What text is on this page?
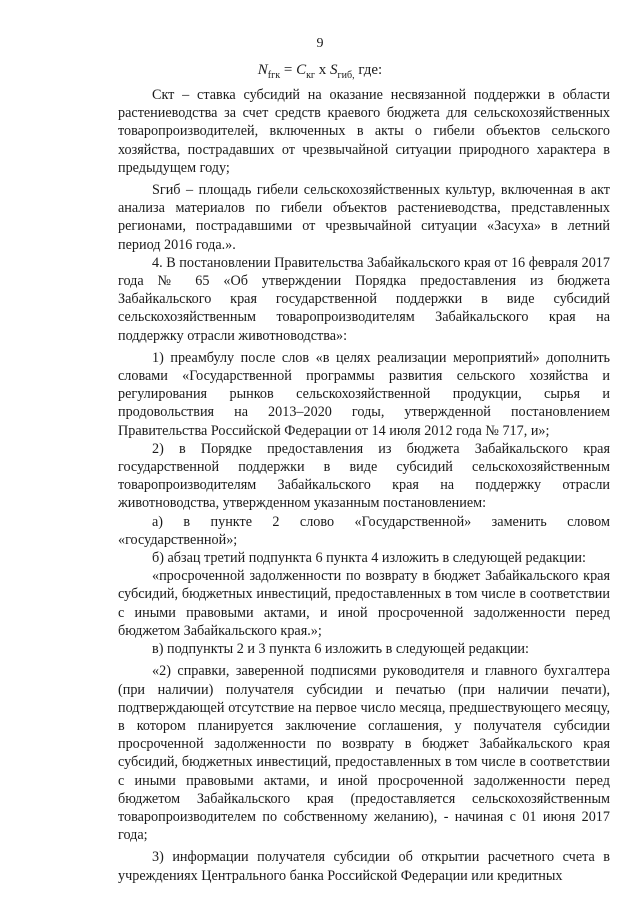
9
$N_{fгк} = C_{кг}$ x $S_{гиб,}$ где:

Скт – ставка субсидий на оказание несвязанной поддержки в области растениеводства за счет средств краевого бюджета для сельскохозяйственных товаропроизводителей, включенных в акты о гибели объектов сельского хозяйства, пострадавших от чрезвычайной ситуации природного характера в предыдущем году;

Sгиб – площадь гибели сельскохозяйственных культур, включенная в акт анализа материалов по гибели объектов растениеводства, представленных регионами, пострадавшими от чрезвычайной ситуации «Засуха» в летний период 2016 года.».

4. В постановлении Правительства Забайкальского края от 16 февраля 2017 года № 65 «Об утверждении Порядка предоставления из бюджета Забайкальского края государственной поддержки в виде субсидий сельскохозяйственным товаропроизводителям Забайкальского края на поддержку отрасли животноводства»:

1) преамбулу после слов «в целях реализации мероприятий» дополнить словами «Государственной программы развития сельского хозяйства и регулирования рынков сельскохозяйственной продукции, сырья и продовольствия на 2013–2020 годы, утвержденной постановлением Правительства Российской Федерации от 14 июля 2012 года № 717, и»;

2) в Порядке предоставления из бюджета Забайкальского края государственной поддержки в виде субсидий сельскохозяйственным товаропроизводителям Забайкальского края на поддержку отрасли животноводства, утвержденном указанным постановлением:

а) в пункте 2 слово «Государственной» заменить словом «государственной»;

б) абзац третий подпункта 6 пункта 4 изложить в следующей редакции:

«просроченной задолженности по возврату в бюджет Забайкальского края субсидий, бюджетных инвестиций, предоставленных в том числе в соответствии с иными правовыми актами, и иной просроченной задолженности перед бюджетом Забайкальского края.»;

в) подпункты 2 и 3 пункта 6 изложить в следующей редакции:

«2) справки, заверенной подписями руководителя и главного бухгалтера (при наличии) получателя субсидии и печатью (при наличии печати), подтверждающей отсутствие на первое число месяца, предшествующего месяцу, в котором планируется заключение соглашения, у получателя субсидии просроченной задолженности по возврату в бюджет Забайкальского края субсидий, бюджетных инвестиций, предоставленных в том числе в соответствии с иными правовыми актами, и иной просроченной задолженности перед бюджетом Забайкальского края (предоставляется сельскохозяйственным товаропроизводителем по собственному желанию), - начиная с 01 июня 2017 года;

3) информации получателя субсидии об открытии расчетного счета в учреждениях Центрального банка Российской Федерации или кредитных
